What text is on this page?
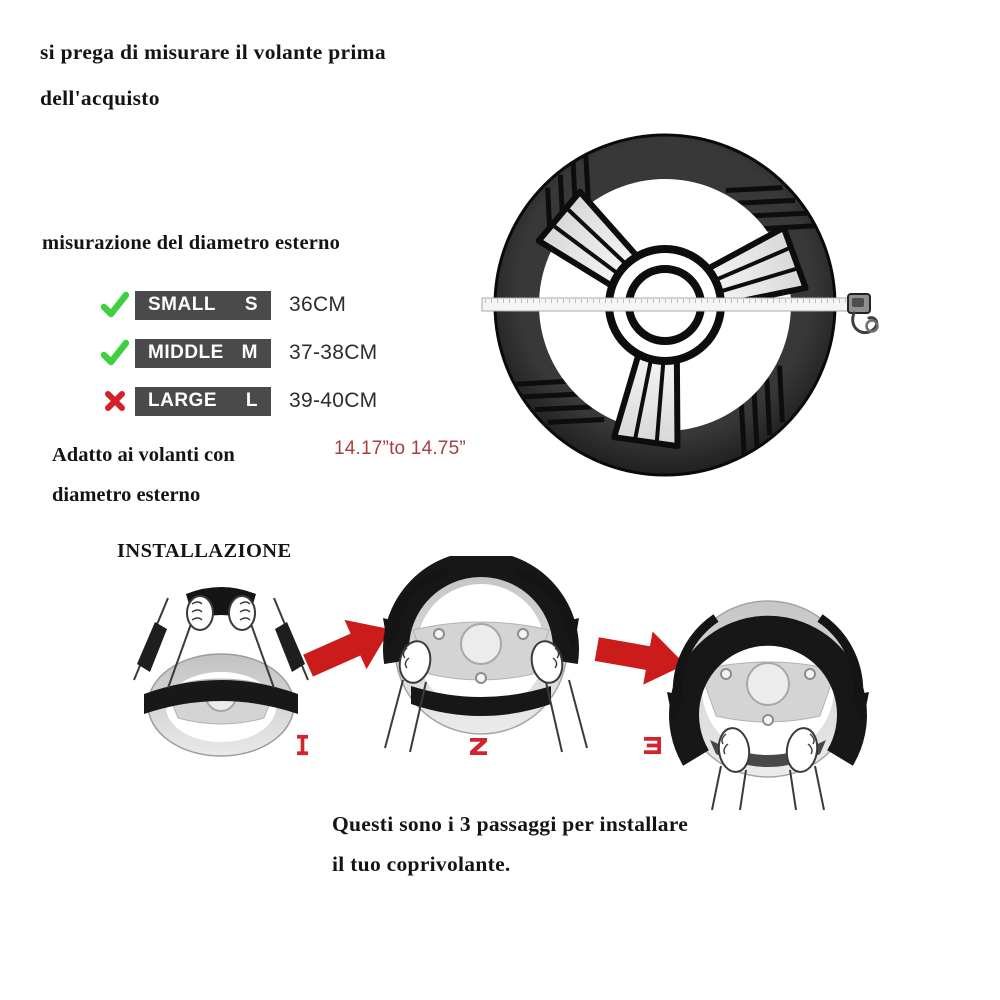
si prega di misurare il volante prima
dell'acquisto
misurazione del diametro esterno
SMALL S 36CM
MIDDLE M 37-38CM
LARGE L 39-40CM
Adatto ai volanti con
diametro esterno
14.17”to 14.75”
INSTALLAZIONE
Questi sono i 3 passaggi per installare
il tuo coprivolante.
